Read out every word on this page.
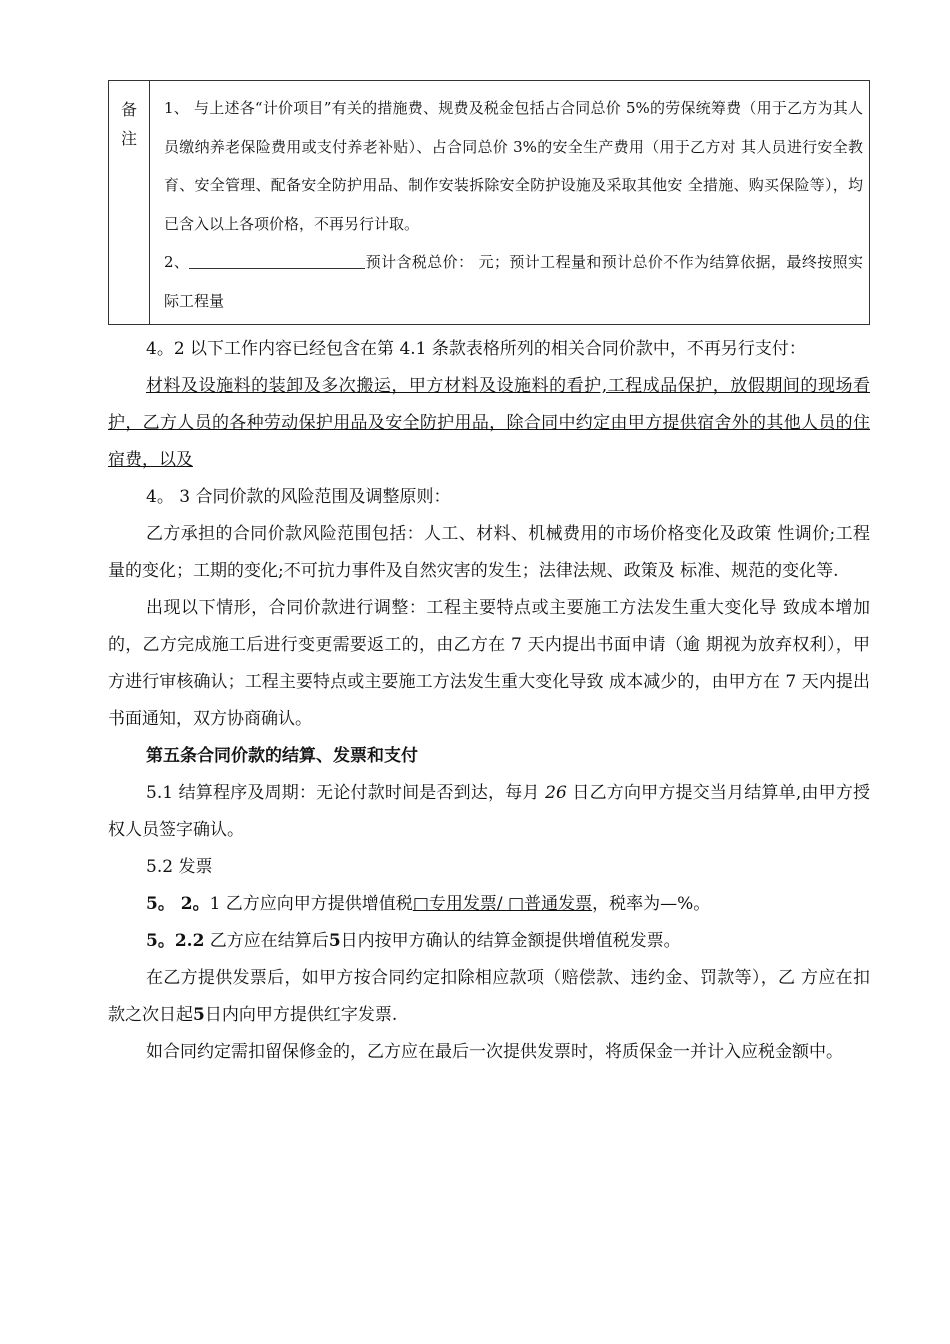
备
注

1、 与上述各“计价项目”有关的措施费、规费及税金包括占合同总价 5%的劳保统筹费（用于乙方为其人员缴纳养老保险费用或支付养老补贴）、占合同总价 3%的安全生产费用（用于乙方对 其人员进行安全教育、安全管理、配备安全防护用品、制作安装拆除安全防护设施及采取其他安 全措施、购买保险等），均已含入以上各项价格，不再另行计取。
2、	预计含税总价： 元；预计工程量和预计总价不作为结算依据，最终按照实际工程量

4。2 以下工作内容已经包含在第 4.1 条款表格所列的相关合同价款中，不再另行支付：

材料及设施料的装卸及多次搬运，甲方材料及设施料的看护,工程成品保护，放假期间的现场看护，乙方人员的各种劳动保护用品及安全防护用品，除合同中约定由甲方提供宿舍外的其他人员的住宿费，以及

4。 3 合同价款的风险范围及调整原则：

乙方承担的合同价款风险范围包括：人工、材料、机械费用的市场价格变化及政策 性调价;工程量的变化；工期的变化;不可抗力事件及自然灾害的发生；法律法规、政策及 标准、规范的变化等.

出现以下情形，合同价款进行调整：工程主要特点或主要施工方法发生重大变化导 致成本增加的，乙方完成施工后进行变更需要返工的，由乙方在 7 天内提出书面申请（逾 期视为放弃权利），甲方进行审核确认；工程主要特点或主要施工方法发生重大变化导致 成本减少的，由甲方在 7 天内提出书面通知，双方协商确认。

第五条合同价款的结算、发票和支付

5.1 结算程序及周期：无论付款时间是否到达，每月 26 日乙方向甲方提交当月结算单,由甲方授权人员签字确认。

5.2 发票

5。 2。1 乙方应向甲方提供增值税□专用发票/ □普通发票，税率为—%。

5。2.2 乙方应在结算后5日内按甲方确认的结算金额提供增值税发票。

在乙方提供发票后，如甲方按合同约定扣除相应款项（赔偿款、违约金、罚款等），乙 方应在扣款之次日起5日内向甲方提供红字发票.

如合同约定需扣留保修金的，乙方应在最后一次提供发票时，将质保金一并计入应税金额中。
